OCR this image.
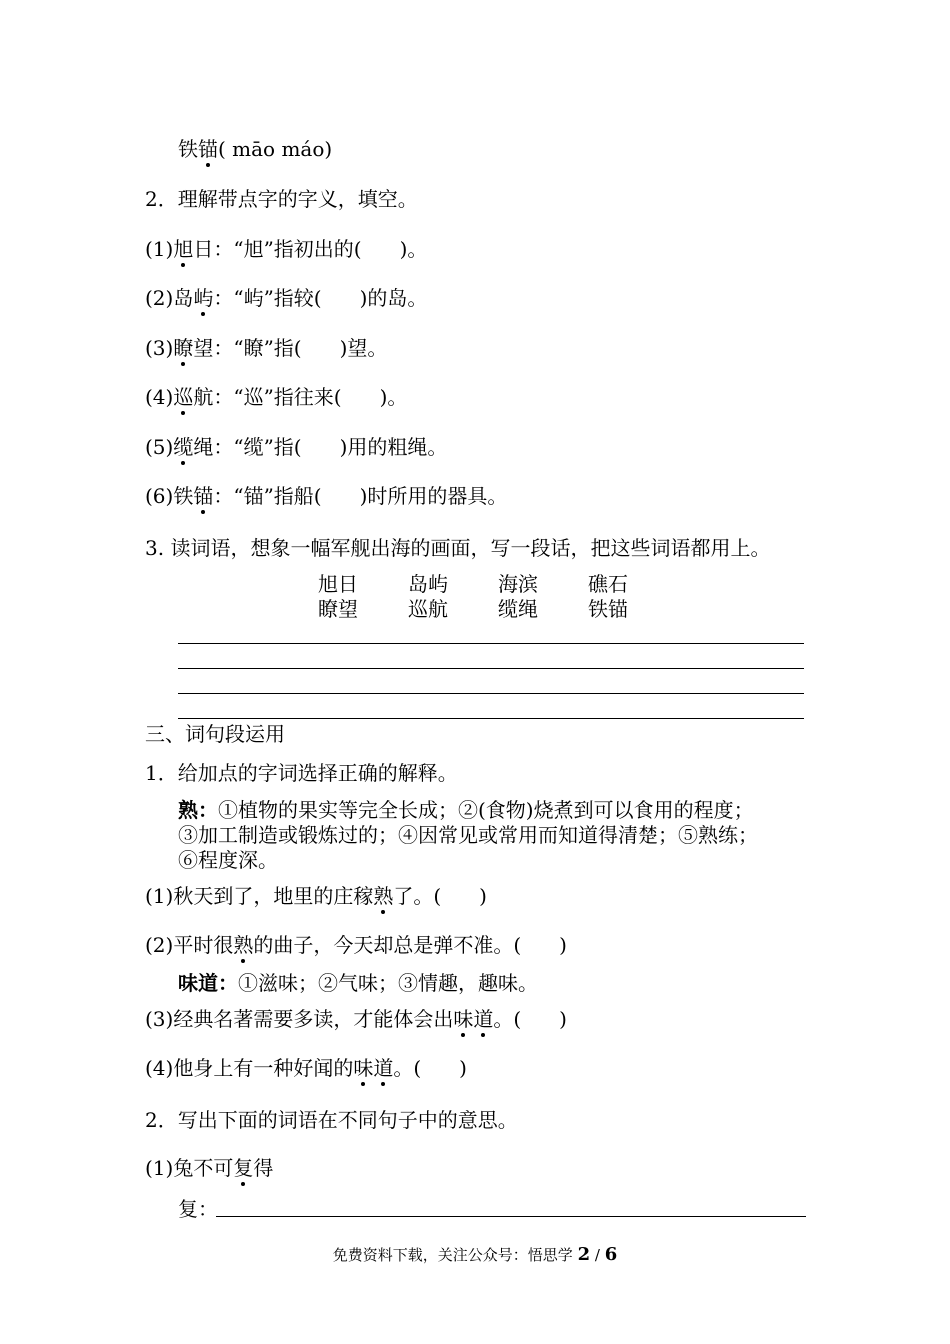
铁锚( māo máo)
2．理解带点字的字义，填空。
(1)旭日：“旭”指初出的( )。
(2)岛屿：“屿”指较( )的岛。
(3)瞭望：“瞭”指( )望。
(4)巡航：“巡”指往来( )。
(5)缆绳：“缆”指( )用的粗绳。
(6)铁锚：“锚”指船( )时所用的器具。
3. 读词语，想象一幅军舰出海的画面，写一段话，把这些词语都用上。
旭日	岛屿	海滨	礁石
瞭望	巡航	缆绳	铁锚
三、词句段运用
1．给加点的字词选择正确的解释。
熟：①植物的果实等完全长成；②(食物)烧煮到可以食用的程度；
③加工制造或锻炼过的；④因常见或常用而知道得清楚；⑤熟练；
⑥程度深。
(1)秋天到了，地里的庄稼熟了。( )
(2)平时很熟的曲子，今天却总是弹不准。( )
味道：①滋味；②气味；③情趣，趣味。
(3)经典名著需要多读，才能体会出味道。( )
(4)他身上有一种好闻的味道。( )
2．写出下面的词语在不同句子中的意思。
(1)兔不可复得
复：
免费资料下载，关注公众号：悟思学 2 / 6
